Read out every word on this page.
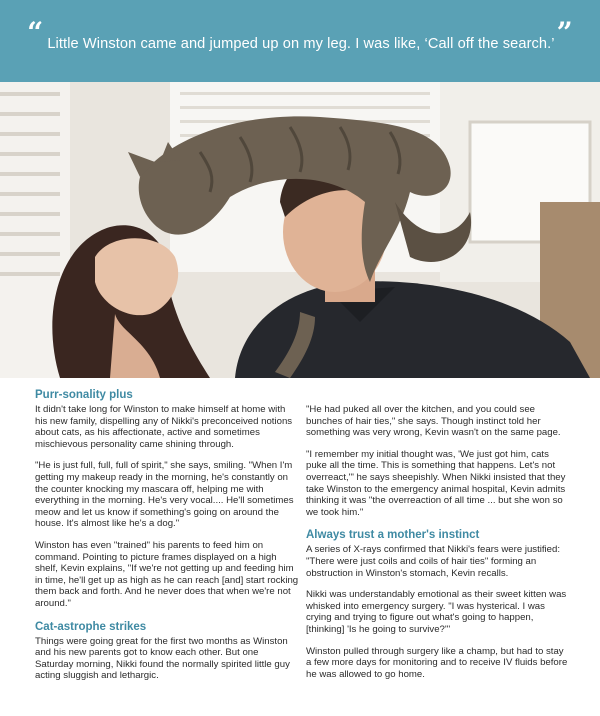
“ Little Winston came and jumped up on my leg. I was like, ‘Call off the search.’ ”
Purr-sonality plus

It didn't take long for Winston to make himself at home with his new family, dispelling any of Nikki's preconceived notions about cats, as his affectionate, active and sometimes mischievous personality came shining through.

"He is just full, full, full of spirit," she says, smiling. "When I'm getting my makeup ready in the morning, he's constantly on the counter knocking my mascara off, helping me with everything in the morning. He's very vocal.... He'll sometimes meow and let us know if something's going on around the house. It's almost like he's a dog."

Winston has even "trained" his parents to feed him on command. Pointing to picture frames displayed on a high shelf, Kevin explains, "If we're not getting up and feeding him in time, he'll get up as high as he can reach [and] start rocking them back and forth. And he never does that when we're not around."

Cat-astrophe strikes

Things were going great for the first two months as Winston and his new parents got to know each other. But one Saturday morning, Nikki found the normally spirited little guy acting sluggish and lethargic.

"He had puked all over the kitchen, and you could see bunches of hair ties," she says. Though instinct told her something was very wrong, Kevin wasn't on the same page.

"I remember my initial thought was, 'We just got him, cats puke all the time. This is something that happens. Let's not overreact,'" he says sheepishly. When Nikki insisted that they take Winston to the emergency animal hospital, Kevin admits thinking it was "the overreaction of all time ... but she won so we took him."

Always trust a mother's instinct

A series of X-rays confirmed that Nikki's fears were justified: "There were just coils and coils of hair ties" forming an obstruction in Winston's stomach, Kevin recalls.

Nikki was understandably emotional as their sweet kitten was whisked into emergency surgery. "I was hysterical. I was crying and trying to figure out what's going to happen, [thinking] 'Is he going to survive?'"

Winston pulled through surgery like a champ, but had to stay a few more days for monitoring and to receive IV fluids before he was allowed to go home.
